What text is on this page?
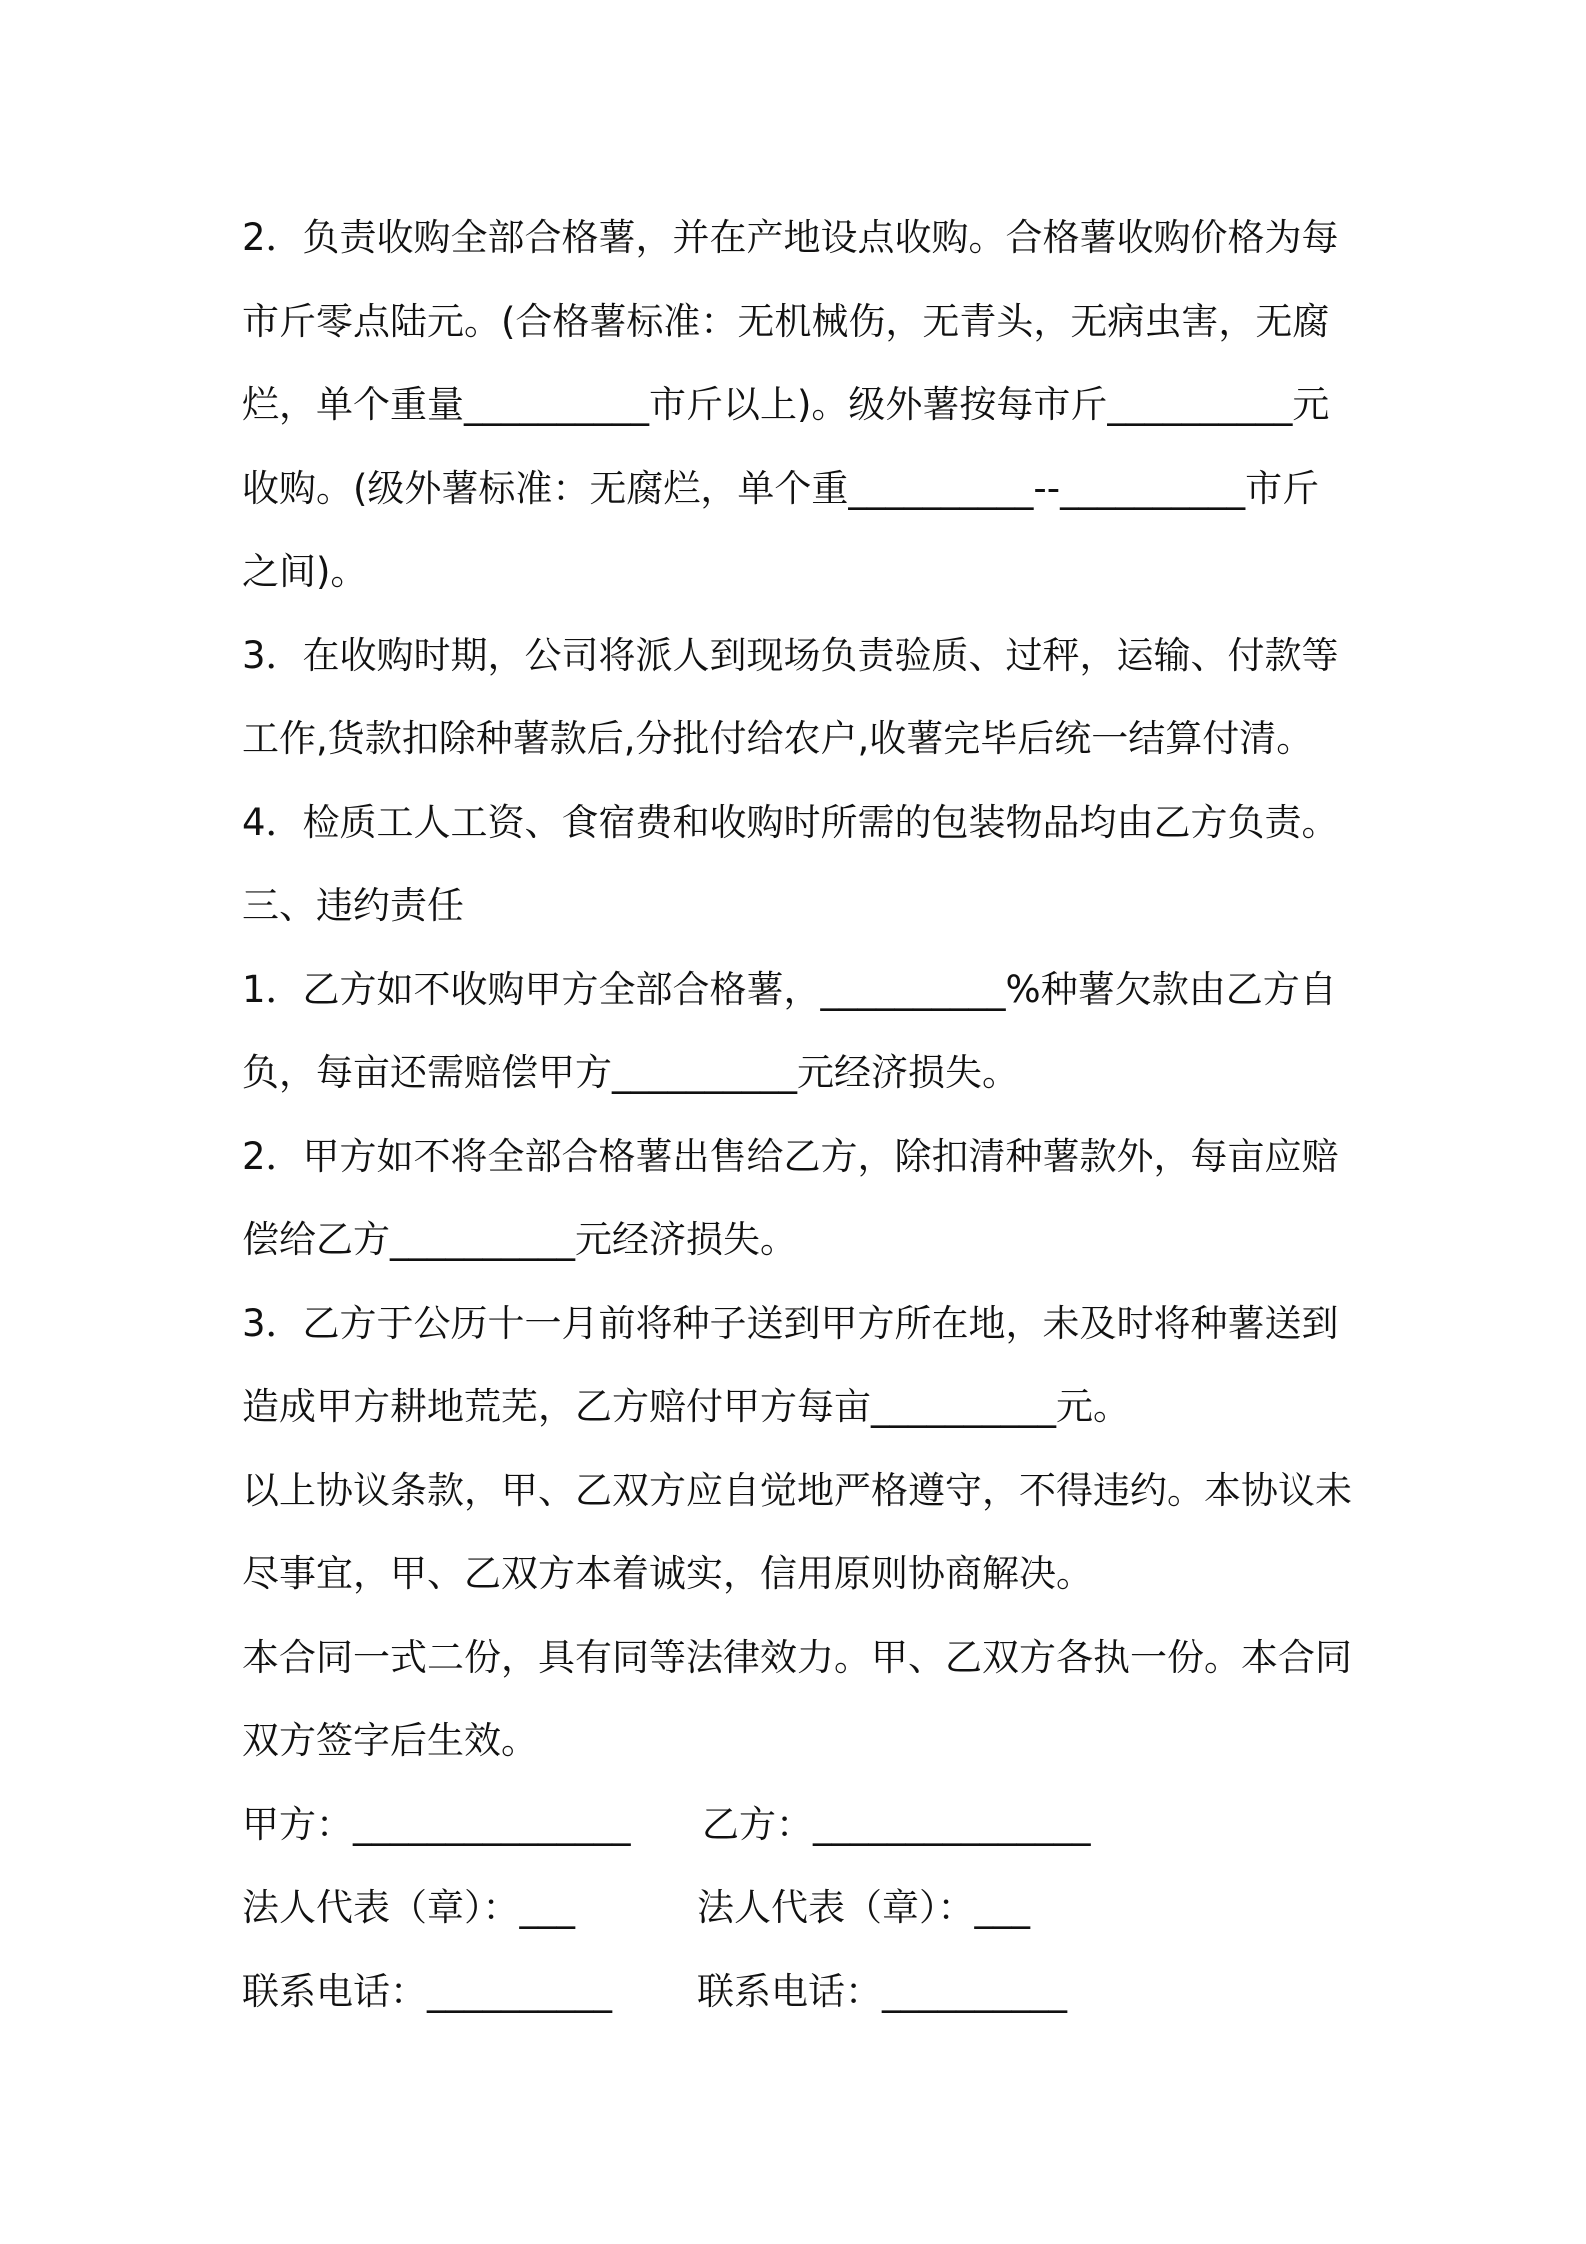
2．负责收购全部合格薯，并在产地设点收购。合格薯收购价格为每

市斤零点陆元。(合格薯标准：无机械伤，无青头，无病虫害，无腐

烂，单个重量__________市斤以上)。级外薯按每市斤__________元

收购。(级外薯标准：无腐烂，单个重__________--__________市斤

之间)。

3．在收购时期，公司将派人到现场负责验质、过秤，运输、付款等

工作,货款扣除种薯款后,分批付给农户,收薯完毕后统一结算付清。

4．检质工人工资、食宿费和收购时所需的包装物品均由乙方负责。

三、违约责任

1．乙方如不收购甲方全部合格薯，__________%种薯欠款由乙方自

负，每亩还需赔偿甲方__________元经济损失。

2．甲方如不将全部合格薯出售给乙方，除扣清种薯款外，每亩应赔

偿给乙方__________元经济损失。

3．乙方于公历十一月前将种子送到甲方所在地，未及时将种薯送到

造成甲方耕地荒芜，乙方赔付甲方每亩__________元。

以上协议条款，甲、乙双方应自觉地严格遵守，不得违约。本协议未

尽事宜，甲、乙双方本着诚实，信用原则协商解决。

本合同一式二份，具有同等法律效力。甲、乙双方各执一份。本合同

双方签字后生效。

甲方：_______________ 乙方：_______________
法人代表（章）：___	法人代表（章）：___
联系电话：__________ 联系电话：__________
